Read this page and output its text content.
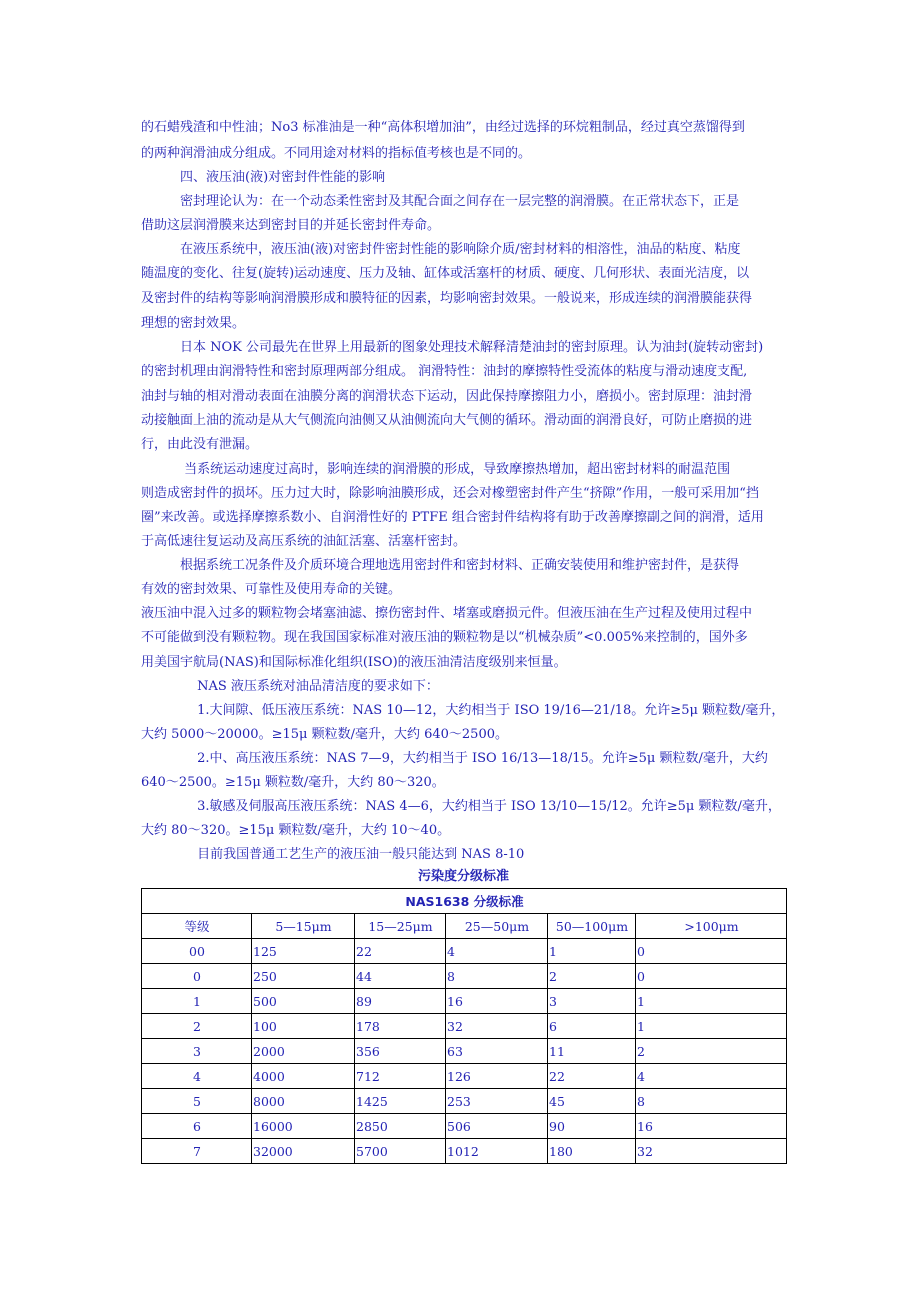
的石蜡残渣和中性油；No3 标准油是一种“高体积增加油”，由经过选择的环烷粗制品，经过真空蒸馏得到
的两种润滑油成分组成。不同用途对材料的指标值考核也是不同的。
　　　四、液压油(液)对密封件性能的影响
　　　密封理论认为：在一个动态柔性密封及其配合面之间存在一层完整的润滑膜。在正常状态下，正是
借助这层润滑膜来达到密封目的并延长密封件寿命。
　　　在液压系统中，液压油(液)对密封件密封性能的影响除介质/密封材料的相溶性，油品的粘度、粘度
随温度的变化、往复(旋转)运动速度、压力及轴、缸体或活塞杆的材质、硬度、几何形状、表面光洁度，以
及密封件的结构等影响润滑膜形成和膜特征的因素，均影响密封效果。一般说来，形成连续的润滑膜能获得
理想的密封效果。
　　　日本 NOK 公司最先在世界上用最新的图象处理技术解释清楚油封的密封原理。认为油封(旋转动密封)
的密封机理由润滑特性和密封原理两部分组成。 润滑特性：油封的摩擦特性受流体的粘度与滑动速度支配,
油封与轴的相对滑动表面在油膜分离的润滑状态下运动，因此保持摩擦阻力小，磨损小。密封原理：油封滑
动接触面上油的流动是从大气侧流向油侧又从油侧流向大气侧的循环。滑动面的润滑良好，可防止磨损的进
行，由此没有泄漏。
　　　 当系统运动速度过高时，影响连续的润滑膜的形成，导致摩擦热增加，超出密封材料的耐温范围
则造成密封件的损坏。压力过大时，除影响油膜形成，还会对橡塑密封件产生“挤隙”作用，一般可采用加“挡
圈”来改善。或选择摩擦系数小、自润滑性好的 PTFE 组合密封件结构将有助于改善摩擦副之间的润滑，适用
于高低速往复运动及高压系统的油缸活塞、活塞杆密封。
　　　根据系统工况条件及介质环境合理地选用密封件和密封材料、正确安装使用和维护密封件，是获得
有效的密封效果、可靠性及使用寿命的关键。
液压油中混入过多的颗粒物会堵塞油滤、擦伤密封件、堵塞或磨损元件。但液压油在生产过程及使用过程中
不可能做到没有颗粒物。现在我国国家标准对液压油的颗粒物是以“机械杂质”<0.005%来控制的，国外多
用美国宇航局(NAS)和国际标准化组织(ISO)的液压油清洁度级别来恒量。
　　　　 NAS 液压系统对油品清洁度的要求如下：
　　　　 1.大间隙、低压液压系统：NAS 10—12，大约相当于 ISO 19/16—21/18。允许≥5μ 颗粒数/毫升，
大约 5000～20000。≥15μ 颗粒数/毫升，大约 640～2500。
　　　　 2.中、高压液压系统：NAS 7—9，大约相当于 ISO 16/13—18/15。允许≥5μ 颗粒数/毫升，大约
640～2500。≥15μ 颗粒数/毫升，大约 80～320。
　　　　 3.敏感及伺服高压液压系统：NAS 4—6，大约相当于 ISO 13/10—15/12。允许≥5μ 颗粒数/毫升，
大约 80～320。≥15μ 颗粒数/毫升，大约 10～40。
　　　　 目前我国普通工艺生产的液压油一般只能达到 NAS 8-10
污染度分级标准
NAS1638 分级标准					
等级	5—15μm	15—25μm	25—50μm	50—100μm	>100μm
00	125	22	4	1	0
0	250	44	8	2	0
1	500	89	16	3	1
2	100	178	32	6	1
3	2000	356	63	11	2
4	4000	712	126	22	4
5	8000	1425	253	45	8
6	16000	2850	506	90	16
7	32000	5700	1012	180	32
